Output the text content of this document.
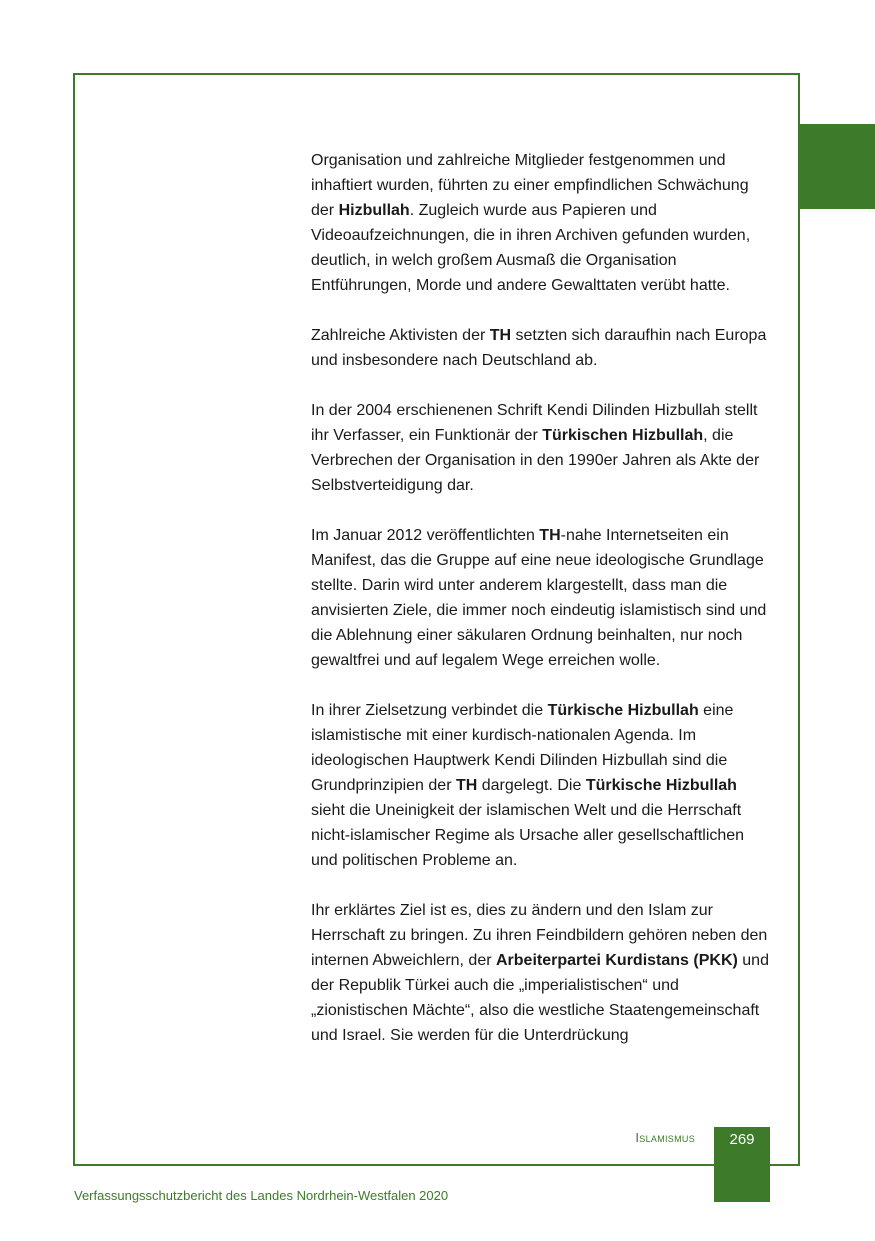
Organisation und zahlreiche Mitglieder festgenommen und inhaftiert wurden, führten zu einer empfindlichen Schwächung der Hizbullah. Zugleich wurde aus Papieren und Videoaufzeichnungen, die in ihren Archiven gefunden wurden, deutlich, in welch großem Ausmaß die Organisation Entführungen, Morde und andere Gewalttaten verübt hatte.

Zahlreiche Aktivisten der TH setzten sich daraufhin nach Europa und insbesondere nach Deutschland ab.

In der 2004 erschienenen Schrift Kendi Dilinden Hizbullah stellt ihr Verfasser, ein Funktionär der Türkischen Hizbullah, die Verbrechen der Organisation in den 1990er Jahren als Akte der Selbstverteidigung dar.

Im Januar 2012 veröffentlichten TH-nahe Internetseiten ein Manifest, das die Gruppe auf eine neue ideologische Grundlage stellte. Darin wird unter anderem klargestellt, dass man die anvisierten Ziele, die immer noch eindeutig islamistisch sind und die Ablehnung einer säkularen Ordnung beinhalten, nur noch gewaltfrei und auf legalem Wege erreichen wolle.

In ihrer Zielsetzung verbindet die Türkische Hizbullah eine islamistische mit einer kurdisch-nationalen Agenda. Im ideologischen Hauptwerk Kendi Dilinden Hizbullah sind die Grundprinzipien der TH dargelegt. Die Türkische Hizbullah sieht die Uneinigkeit der islamischen Welt und die Herrschaft nicht-islamischer Regime als Ursache aller gesellschaftlichen und politischen Probleme an.

Ihr erklärtes Ziel ist es, dies zu ändern und den Islam zur Herrschaft zu bringen. Zu ihren Feindbildern gehören neben den internen Abweichlern, der Arbeiterpartei Kurdistans (PKK) und der Republik Türkei auch die „imperialistischen“ und „zionistischen Mächte“, also die westliche Staatengemeinschaft und Israel. Sie werden für die Unterdrückung

Islamismus	269
Verfassungsschutzbericht des Landes Nordrhein-Westfalen 2020
